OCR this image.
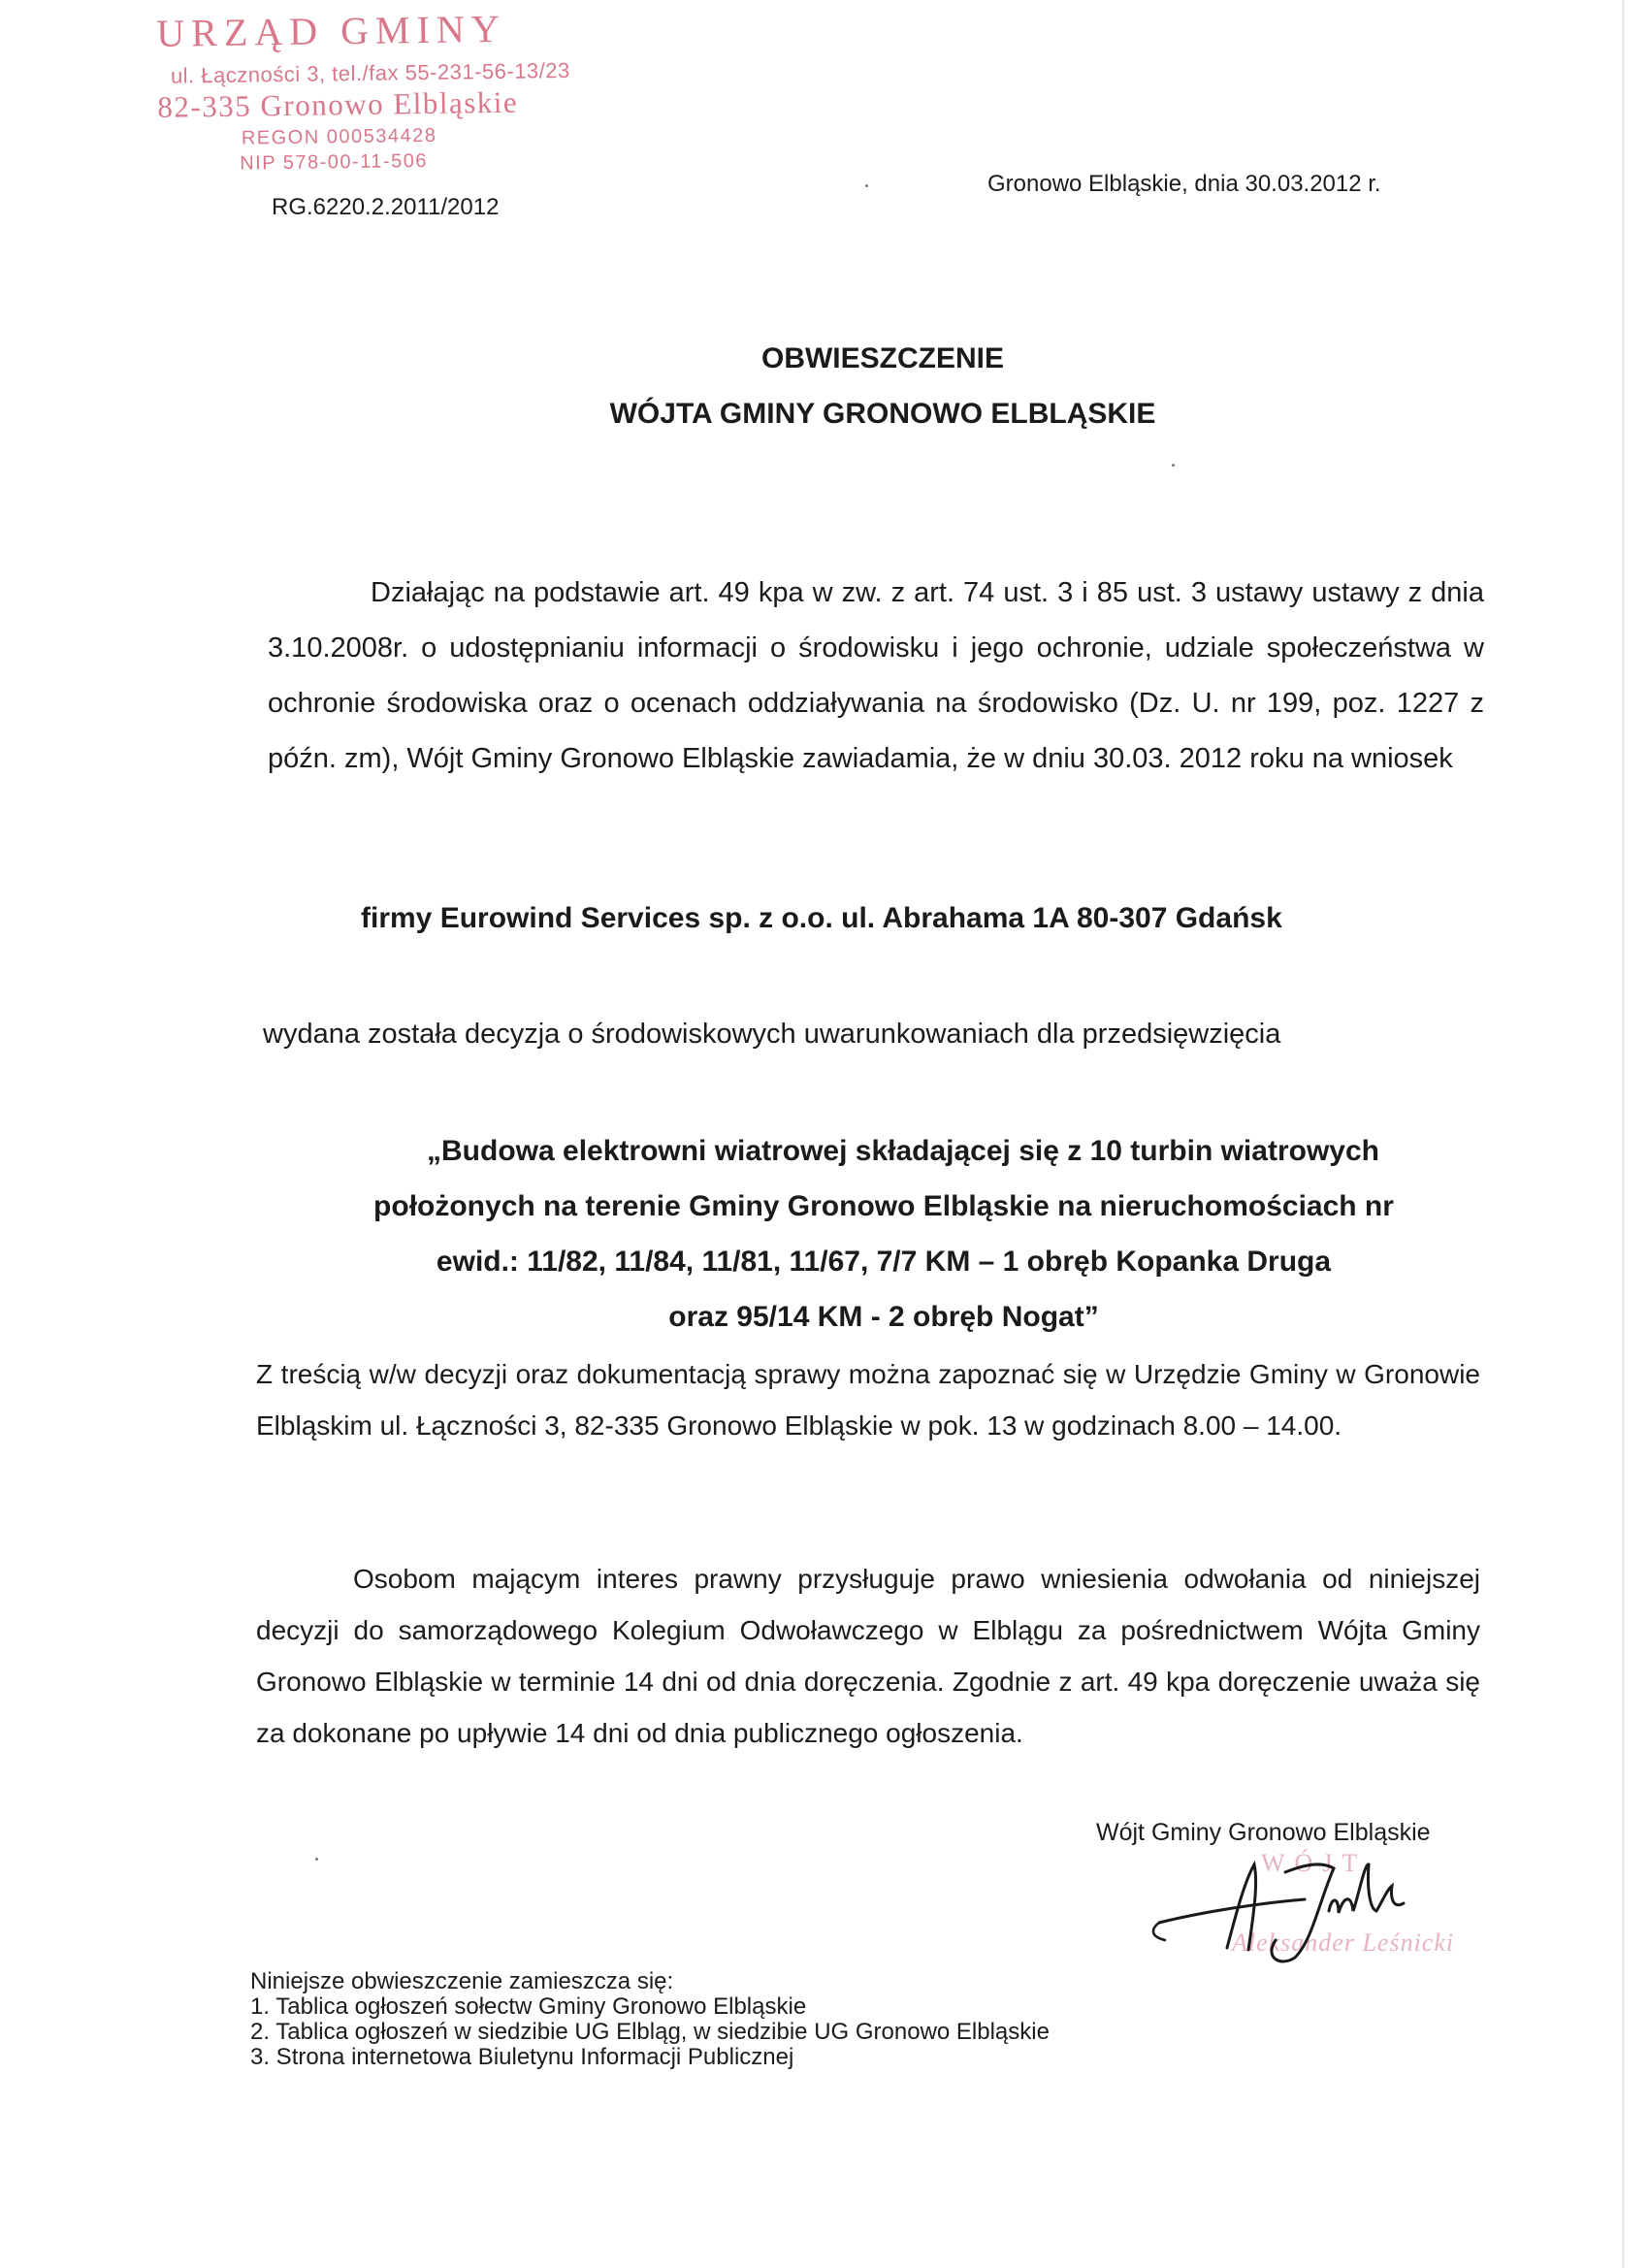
URZĄD GMINY
ul. Łączności 3, tel./fax 55-231-56-13/23
82-335 Gronowo Elbląskie
REGON 000534428
NIP 578-00-11-506
RG.6220.2.2011/2012
Gronowo Elbląskie, dnia 30.03.2012 r.
OBWIESZCZENIE
WÓJTA GMINY GRONOWO ELBLĄSKIE

Działając na podstawie art. 49 kpa w zw. z art. 74 ust. 3 i 85 ust. 3 ustawy ustawy z dnia 3.10.2008r. o udostępnianiu informacji o środowisku i jego ochronie, udziale społeczeństwa w ochronie środowiska oraz o ocenach oddziaływania na środowisko (Dz. U. nr 199, poz. 1227 z późn. zm), Wójt Gminy Gronowo Elbląskie zawiadamia, że w dniu 30.03. 2012 roku na wniosek

firmy Eurowind Services sp. z o.o. ul. Abrahama 1A 80-307 Gdańsk
wydana została decyzja o środowiskowych uwarunkowaniach dla przedsięwzięcia
„Budowa elektrowni wiatrowej składającej się z 10 turbin wiatrowych
położonych na terenie Gminy Gronowo Elbląskie na nieruchomościach nr
ewid.: 11/82, 11/84, 11/81, 11/67, 7/7 KM – 1 obręb Kopanka Druga
oraz 95/14 KM - 2 obręb Nogat”

Z treścią w/w decyzji oraz dokumentacją sprawy można zapoznać się w Urzędzie Gminy w Gronowie Elbląskim ul. Łączności 3, 82-335 Gronowo Elbląskie w pok. 13 w godzinach 8.00 – 14.00.

Osobom mającym interes prawny przysługuje prawo wniesienia odwołania od niniejszej decyzji do samorządowego Kolegium Odwoławczego w Elblągu za pośrednictwem Wójta Gminy Gronowo Elbląskie w terminie 14 dni od dnia doręczenia. Zgodnie z art. 49 kpa doręczenie uważa się za dokonane po upływie 14 dni od dnia publicznego ogłoszenia.

Wójt Gminy Gronowo Elbląskie
WÓJT
Aleksander Leśnicki
Niniejsze obwieszczenie zamieszcza się:
1. Tablica ogłoszeń sołectw Gminy Gronowo Elbląskie
2. Tablica ogłoszeń w siedzibie UG Elbląg, w siedzibie UG Gronowo Elbląskie
3. Strona internetowa Biuletynu Informacji Publicznej
